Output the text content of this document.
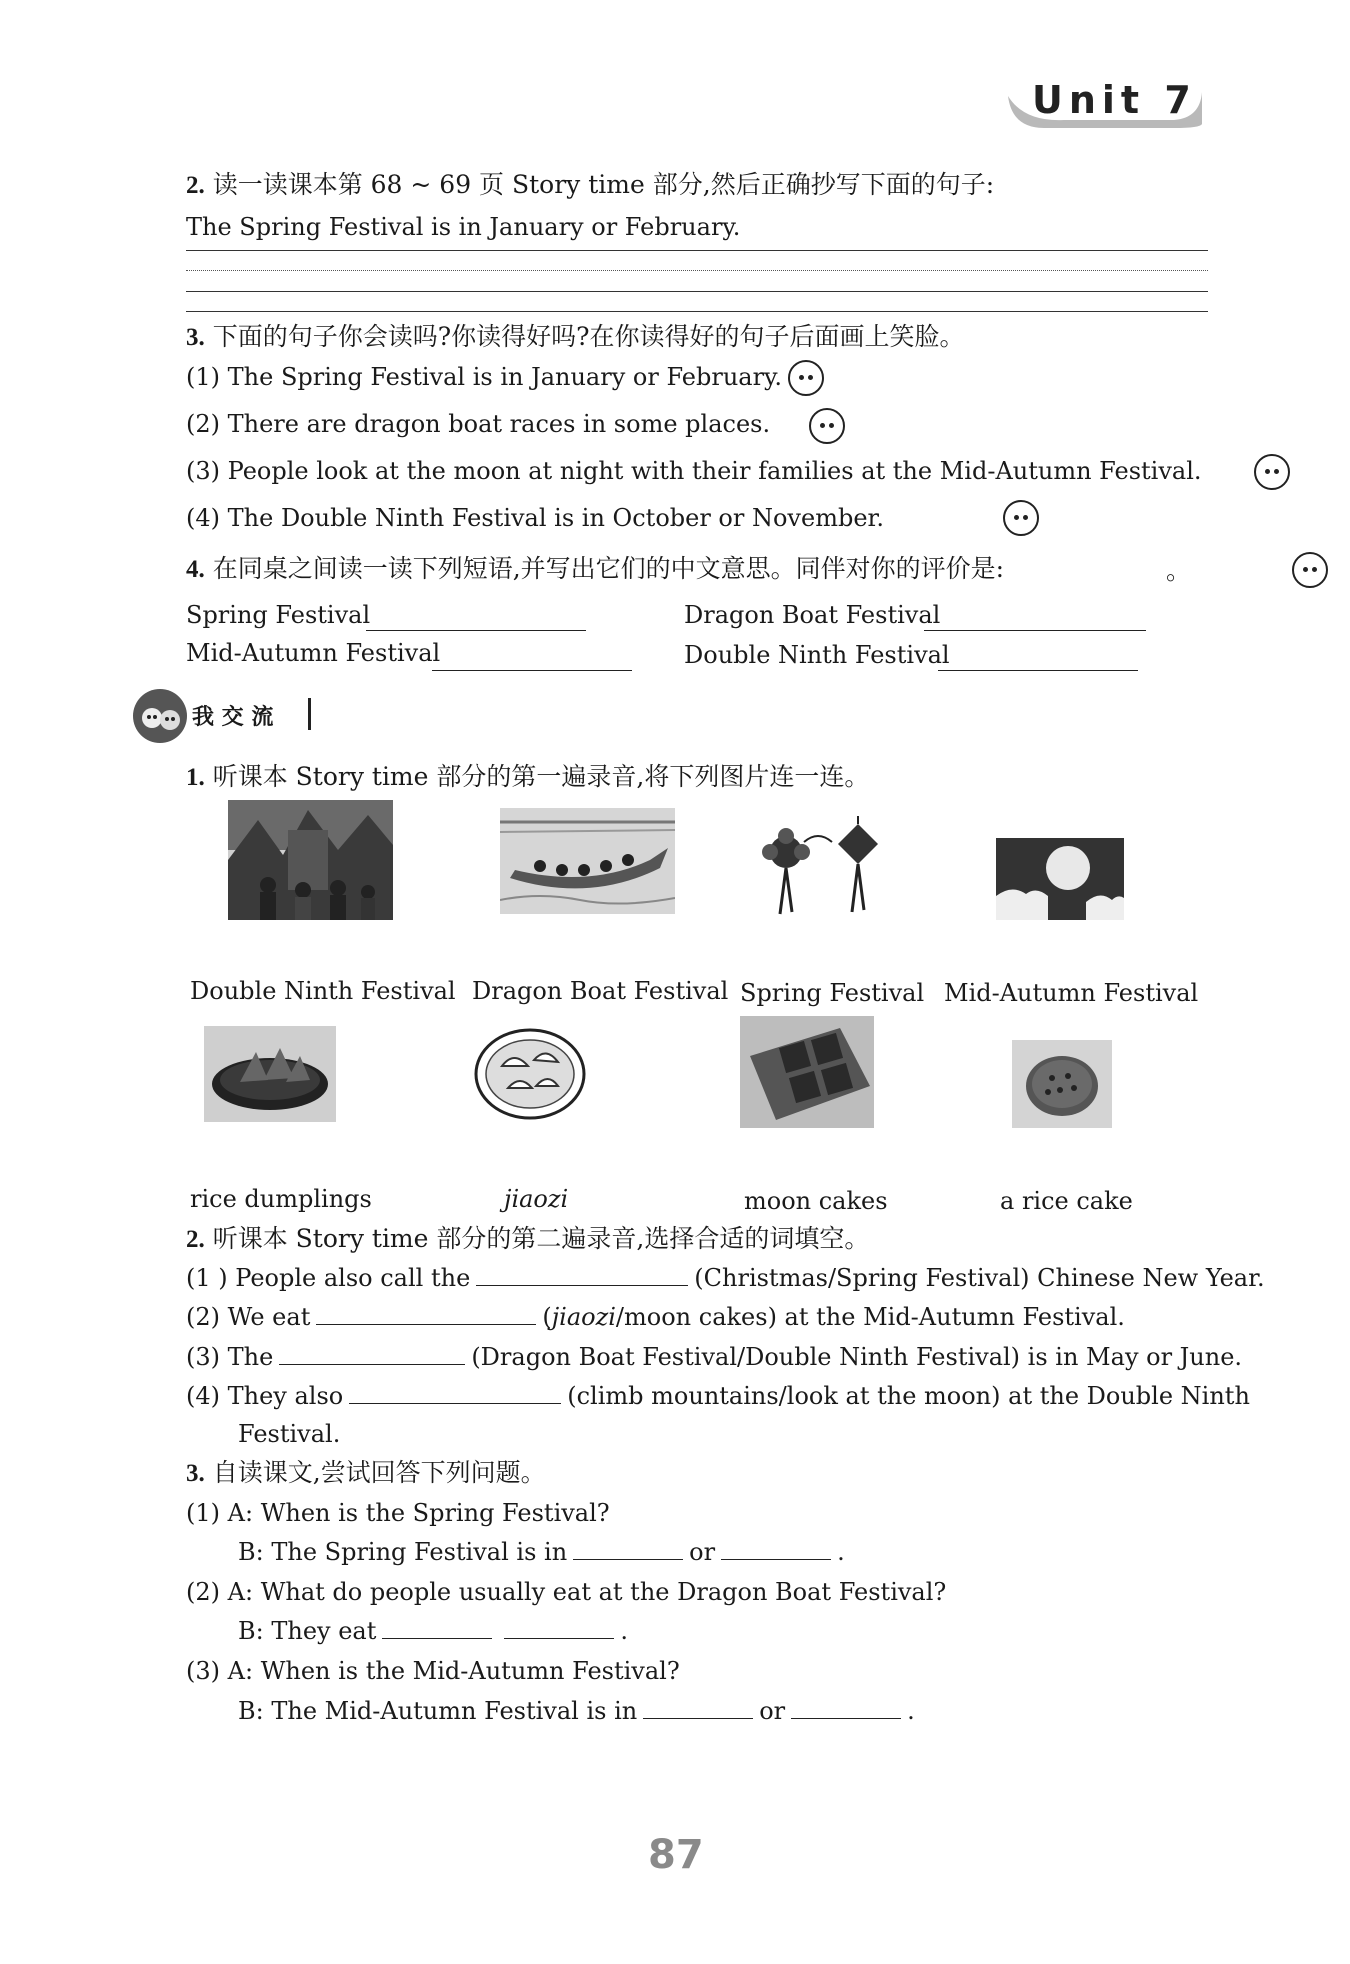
Unit 7
2. 读一读课本第 68 ~ 69 页 Story time 部分,然后正确抄写下面的句子:
The Spring Festival is in January or February.
3. 下面的句子你会读吗?你读得好吗?在你读得好的句子后面画上笑脸。
(1) The Spring Festival is in January or February.

(2) There are dragon boat races in some places.

(3) People look at the moon at night with their families at the Mid-Autumn Festival.

(4) The Double Ninth Festival is in October or November.

4. 在同桌之间读一读下列短语,并写出它们的中文意思。同伴对你的评价是:	。
Spring Festival	Dragon Boat Festival
Mid-Autumn Festival	Double Ninth Festival
我 交 流
1. 听课本 Story time 部分的第一遍录音,将下列图片连一连。
Double Ninth Festival Dragon Boat Festival Spring Festival Mid-Autumn Festival
rice dumplings	jiaozi	moon cakes	a rice cake
2. 听课本 Story time 部分的第二遍录音,选择合适的词填空。
(1 ) People also call the	(Christmas/Spring Festival) Chinese New Year.
(2) We eat	(jiaozi/moon cakes) at the Mid-Autumn Festival.
(3) The	(Dragon Boat Festival/Double Ninth Festival) is in May or June.
(4) They also	(climb mountains/look at the moon) at the Double Ninth
Festival.
3. 自读课文,尝试回答下列问题。
(1) A: When is the Spring Festival?
B: The Spring Festival is in	or	.
(2) A: What do people usually eat at the Dragon Boat Festival?
B: They eat	.
(3) A: When is the Mid-Autumn Festival?
B: The Mid-Autumn Festival is in	or	.
87
